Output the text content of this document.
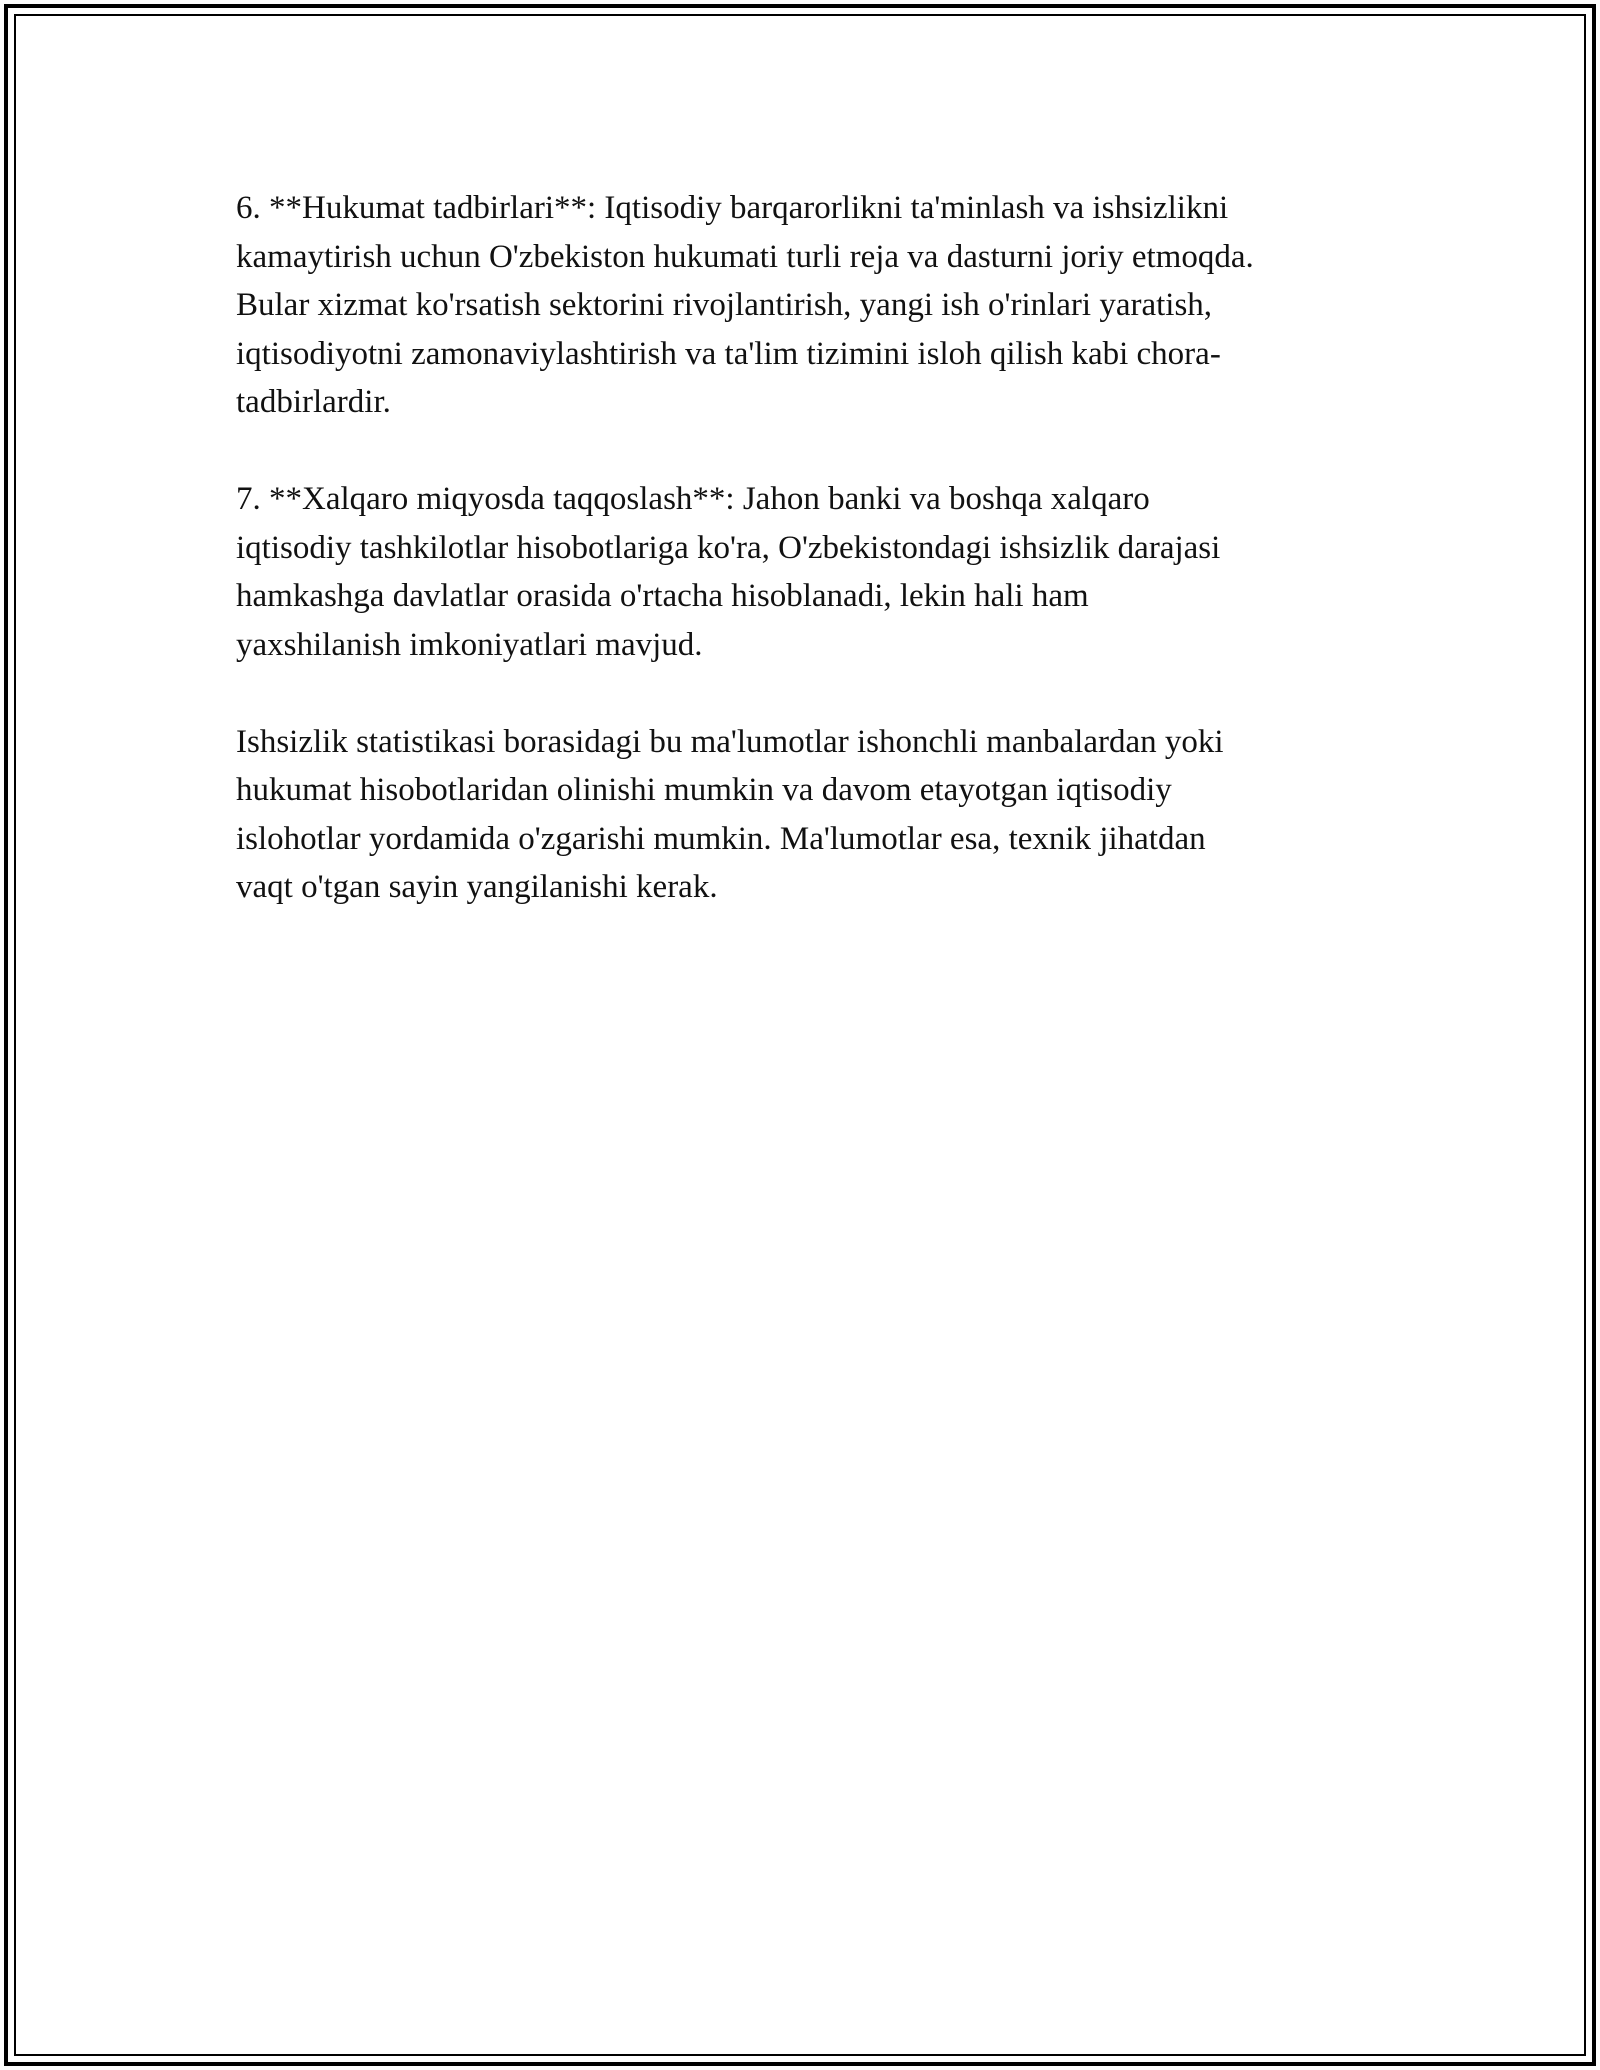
6. **Hukumat tadbirlari**: Iqtisodiy barqarorlikni ta'minlash va ishsizlikni
kamaytirish uchun O'zbekiston hukumati turli reja va dasturni joriy etmoqda.
Bular xizmat ko'rsatish sektorini rivojlantirish, yangi ish o'rinlari yaratish,
iqtisodiyotni zamonaviylashtirish va ta'lim tizimini isloh qilish kabi chora-
tadbirlardir.
7. **Xalqaro miqyosda taqqoslash**: Jahon banki va boshqa xalqaro
iqtisodiy tashkilotlar hisobotlariga ko'ra, O'zbekistondagi ishsizlik darajasi
hamkashga davlatlar orasida o'rtacha hisoblanadi, lekin hali ham
yaxshilanish imkoniyatlari mavjud.
Ishsizlik statistikasi borasidagi bu ma'lumotlar ishonchli manbalardan yoki
hukumat hisobotlaridan olinishi mumkin va davom etayotgan iqtisodiy
islohotlar yordamida o'zgarishi mumkin. Ma'lumotlar esa, texnik jihatdan
vaqt o'tgan sayin yangilanishi kerak.
